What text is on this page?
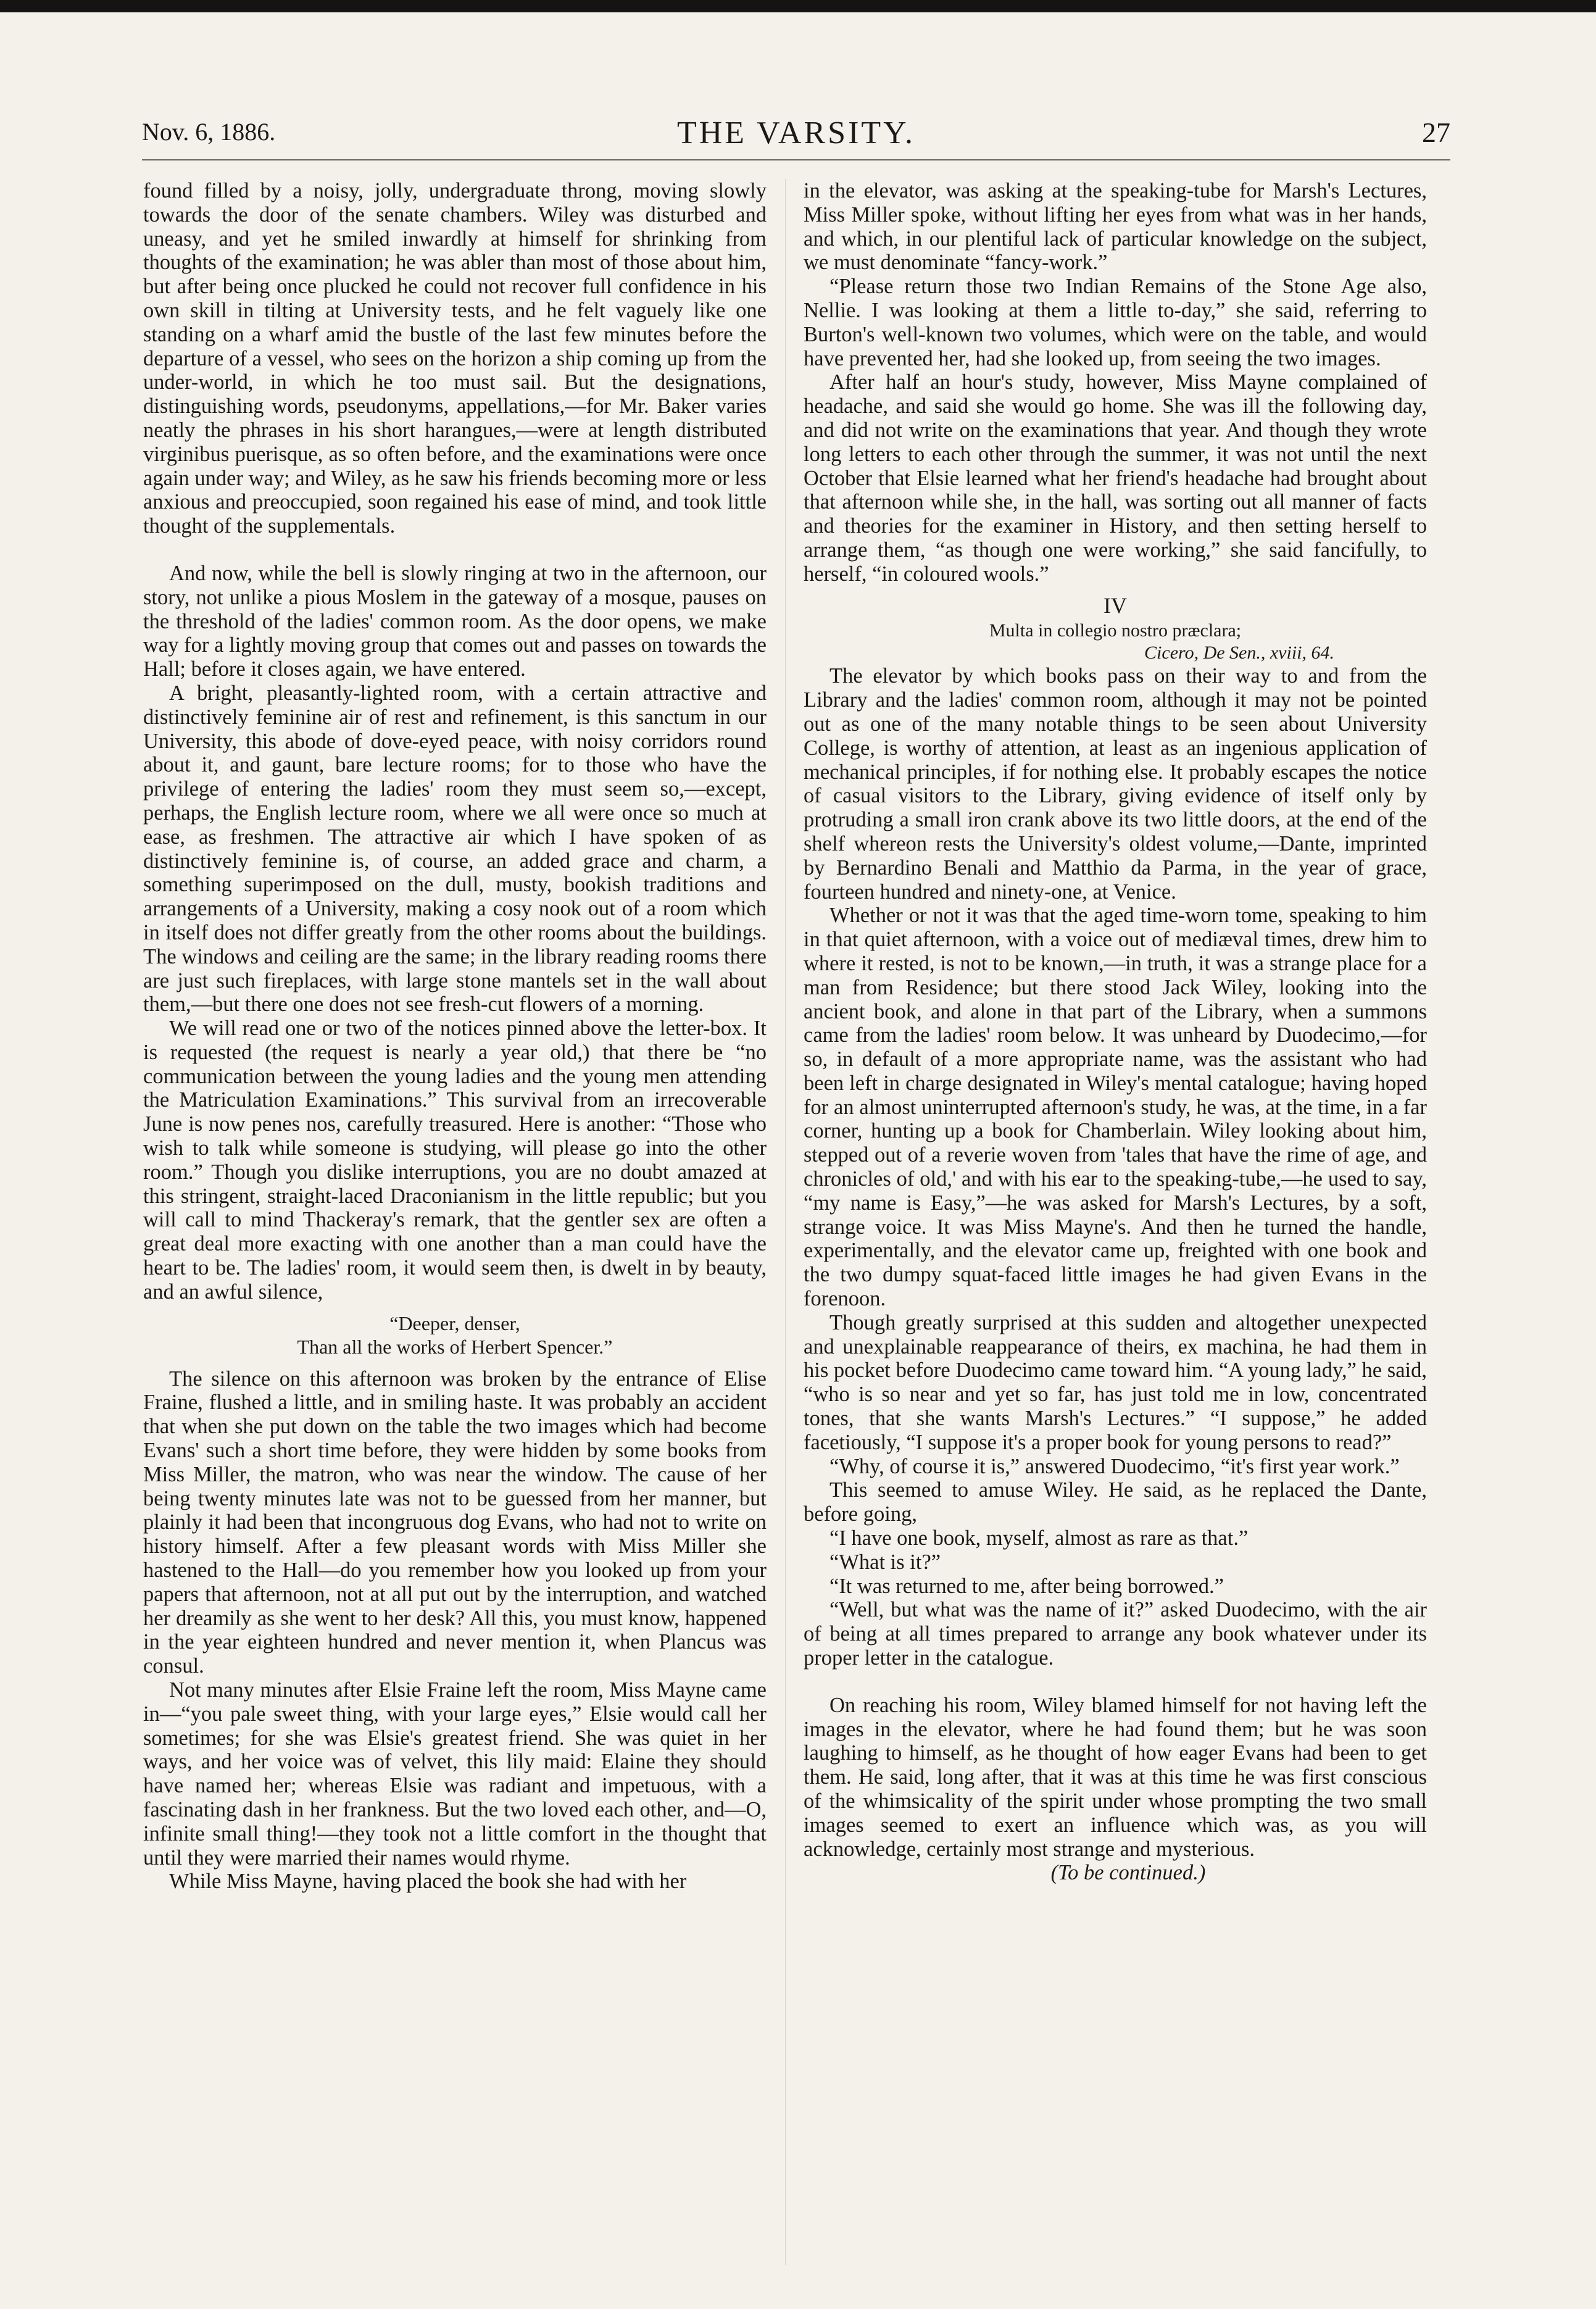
Nov. 6, 1886.	THE VARSITY.	27

found filled by a noisy, jolly, undergraduate throng, moving slowly towards the door of the senate chambers. Wiley was disturbed and uneasy, and yet he smiled inwardly at himself for shrinking from thoughts of the examination; he was abler than most of those about him, but after being once plucked he could not recover full confidence in his own skill in tilting at University tests, and he felt vaguely like one standing on a wharf amid the bustle of the last few minutes before the departure of a vessel, who sees on the horizon a ship coming up from the under-world, in which he too must sail. But the designations, distinguishing words, pseudonyms, appellations,—for Mr. Baker varies neatly the phrases in his short harangues,—were at length distributed virginibus puerisque, as so often before, and the examinations were once again under way; and Wiley, as he saw his friends becoming more or less anxious and preoccupied, soon regained his ease of mind, and took little thought of the supplementals.

And now, while the bell is slowly ringing at two in the afternoon, our story, not unlike a pious Moslem in the gateway of a mosque, pauses on the threshold of the ladies' common room. As the door opens, we make way for a lightly moving group that comes out and passes on towards the Hall; before it closes again, we have entered.

A bright, pleasantly-lighted room, with a certain attractive and distinctively feminine air of rest and refinement, is this sanctum in our University, this abode of dove-eyed peace, with noisy corridors round about it, and gaunt, bare lecture rooms; for to those who have the privilege of entering the ladies' room they must seem so,—except, perhaps, the English lecture room, where we all were once so much at ease, as freshmen. The attractive air which I have spoken of as distinctively feminine is, of course, an added grace and charm, a something superimposed on the dull, musty, bookish traditions and arrangements of a University, making a cosy nook out of a room which in itself does not differ greatly from the other rooms about the buildings. The windows and ceiling are the same; in the library reading rooms there are just such fireplaces, with large stone mantels set in the wall about them,—but there one does not see fresh-cut flowers of a morning.

We will read one or two of the notices pinned above the letter-box. It is requested (the request is nearly a year old,) that there be “no communication between the young ladies and the young men attending the Matriculation Examinations.” This survival from an irrecoverable June is now penes nos, carefully treasured. Here is another: “Those who wish to talk while someone is studying, will please go into the other room.” Though you dislike interruptions, you are no doubt amazed at this stringent, straight-laced Draconianism in the little republic; but you will call to mind Thackeray's remark, that the gentler sex are often a great deal more exacting with one another than a man could have the heart to be. The ladies' room, it would seem then, is dwelt in by beauty, and an awful silence,

“Deeper, denser,
Than all the works of Herbert Spencer.”

The silence on this afternoon was broken by the entrance of Elise Fraine, flushed a little, and in smiling haste. It was probably an accident that when she put down on the table the two images which had become Evans' such a short time before, they were hidden by some books from Miss Miller, the matron, who was near the window. The cause of her being twenty minutes late was not to be guessed from her manner, but plainly it had been that incongruous dog Evans, who had not to write on history himself. After a few pleasant words with Miss Miller she hastened to the Hall—do you remember how you looked up from your papers that afternoon, not at all put out by the interruption, and watched her dreamily as she went to her desk? All this, you must know, happened in the year eighteen hundred and never mention it, when Plancus was consul.

Not many minutes after Elsie Fraine left the room, Miss Mayne came in—“you pale sweet thing, with your large eyes,” Elsie would call her sometimes; for she was Elsie's greatest friend. She was quiet in her ways, and her voice was of velvet, this lily maid: Elaine they should have named her; whereas Elsie was radiant and impetuous, with a fascinating dash in her frankness. But the two loved each other, and—O, infinite small thing!—they took not a little comfort in the thought that until they were married their names would rhyme.

While Miss Mayne, having placed the book she had with her

in the elevator, was asking at the speaking-tube for Marsh's Lectures, Miss Miller spoke, without lifting her eyes from what was in her hands, and which, in our plentiful lack of particular knowledge on the subject, we must denominate “fancy-work.”

“Please return those two Indian Remains of the Stone Age also, Nellie. I was looking at them a little to-day,” she said, referring to Burton's well-known two volumes, which were on the table, and would have prevented her, had she looked up, from seeing the two images.

After half an hour's study, however, Miss Mayne complained of headache, and said she would go home. She was ill the following day, and did not write on the examinations that year. And though they wrote long letters to each other through the summer, it was not until the next October that Elsie learned what her friend's headache had brought about that afternoon while she, in the hall, was sorting out all manner of facts and theories for the examiner in History, and then setting herself to arrange them, “as though one were working,” she said fancifully, to herself, “in coloured wools.”

IV
Multa in collegio nostro præclara;
Cicero, De Sen., xviii, 64.

The elevator by which books pass on their way to and from the Library and the ladies' common room, although it may not be pointed out as one of the many notable things to be seen about University College, is worthy of attention, at least as an ingenious application of mechanical principles, if for nothing else. It probably escapes the notice of casual visitors to the Library, giving evidence of itself only by protruding a small iron crank above its two little doors, at the end of the shelf whereon rests the University's oldest volume,—Dante, imprinted by Bernardino Benali and Matthio da Parma, in the year of grace, fourteen hundred and ninety-one, at Venice.

Whether or not it was that the aged time-worn tome, speaking to him in that quiet afternoon, with a voice out of mediæval times, drew him to where it rested, is not to be known,—in truth, it was a strange place for a man from Residence; but there stood Jack Wiley, looking into the ancient book, and alone in that part of the Library, when a summons came from the ladies' room below. It was unheard by Duodecimo,—for so, in default of a more appropriate name, was the assistant who had been left in charge designated in Wiley's mental catalogue; having hoped for an almost uninterrupted afternoon's study, he was, at the time, in a far corner, hunting up a book for Chamberlain. Wiley looking about him, stepped out of a reverie woven from 'tales that have the rime of age, and chronicles of old,' and with his ear to the speaking-tube,—he used to say, “my name is Easy,”—he was asked for Marsh's Lectures, by a soft, strange voice. It was Miss Mayne's. And then he turned the handle, experimentally, and the elevator came up, freighted with one book and the two dumpy squat-faced little images he had given Evans in the forenoon.

Though greatly surprised at this sudden and altogether unexpected and unexplainable reappearance of theirs, ex machina, he had them in his pocket before Duodecimo came toward him. “A young lady,” he said, “who is so near and yet so far, has just told me in low, concentrated tones, that she wants Marsh's Lectures.” “I suppose,” he added facetiously, “I suppose it's a proper book for young persons to read?”

“Why, of course it is,” answered Duodecimo, “it's first year work.”

This seemed to amuse Wiley. He said, as he replaced the Dante, before going,

“I have one book, myself, almost as rare as that.”

“What is it?”

“It was returned to me, after being borrowed.”

“Well, but what was the name of it?” asked Duodecimo, with the air of being at all times prepared to arrange any book whatever under its proper letter in the catalogue.

On reaching his room, Wiley blamed himself for not having left the images in the elevator, where he had found them; but he was soon laughing to himself, as he thought of how eager Evans had been to get them. He said, long after, that it was at this time he was first conscious of the whimsicality of the spirit under whose prompting the two small images seemed to exert an influence which was, as you will acknowledge, certainly most strange and mysterious.

(To be continued.)
